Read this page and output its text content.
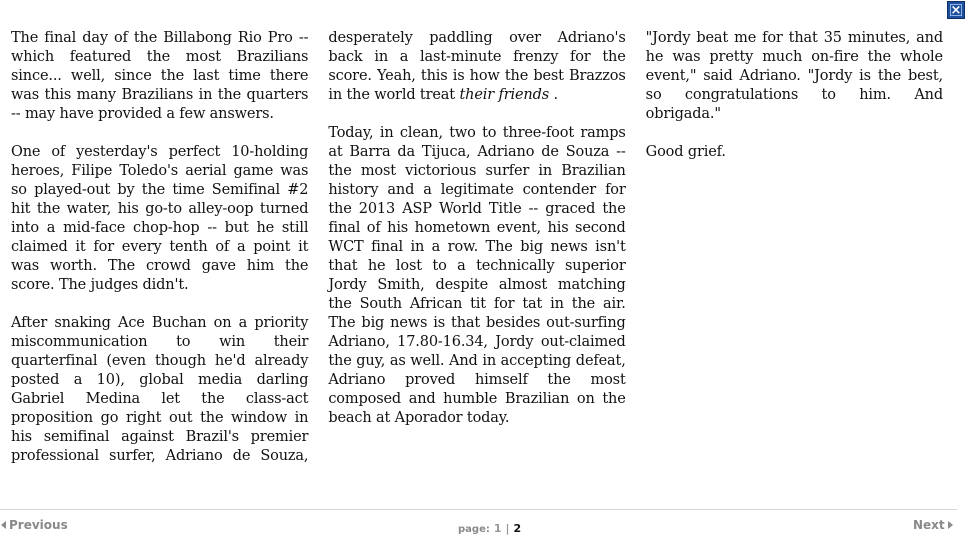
×

The final day of the Billabong Rio Pro -- which featured the most Brazilians since... well, since the last time there was this many Brazilians in the quarters -- may have provided a few answers.

One of yesterday's perfect 10-holding heroes, Filipe Toledo's aerial game was so played-out by the time Semifinal #2 hit the water, his go-to alley-oop turned into a mid-face chop-hop -- but he still claimed it for every tenth of a point it was worth. The crowd gave him the score. The judges didn't.

After snaking Ace Buchan on a priority miscommunication to win their quarterfinal (even though he'd already posted a 10), global media darling Gabriel Medina let the class-act proposition go right out the window in his semifinal against Brazil's premier professional surfer, Adriano de Souza, desperately paddling over Adriano's back in a last-minute frenzy for the score. Yeah, this is how the best Brazzos in the world treat their friends .

Today, in clean, two to three-foot ramps at Barra da Tijuca, Adriano de Souza -- the most victorious surfer in Brazilian history and a legitimate contender for the 2013 ASP World Title -- graced the final of his hometown event, his second WCT final in a row. The big news isn't that he lost to a technically superior Jordy Smith, despite almost matching the South African tit for tat in the air. The big news is that besides out-surfing Adriano, 17.80-16.34, Jordy out-claimed the guy, as well. And in accepting defeat, Adriano proved himself the most composed and humble Brazilian on the beach at Aporador today.

"Jordy beat me for that 35 minutes, and he was pretty much on-fire the whole event," said Adriano. "Jordy is the best, so congratulations to him. And obrigada."

Good grief.

Previous	page: 1 | 2	Next
